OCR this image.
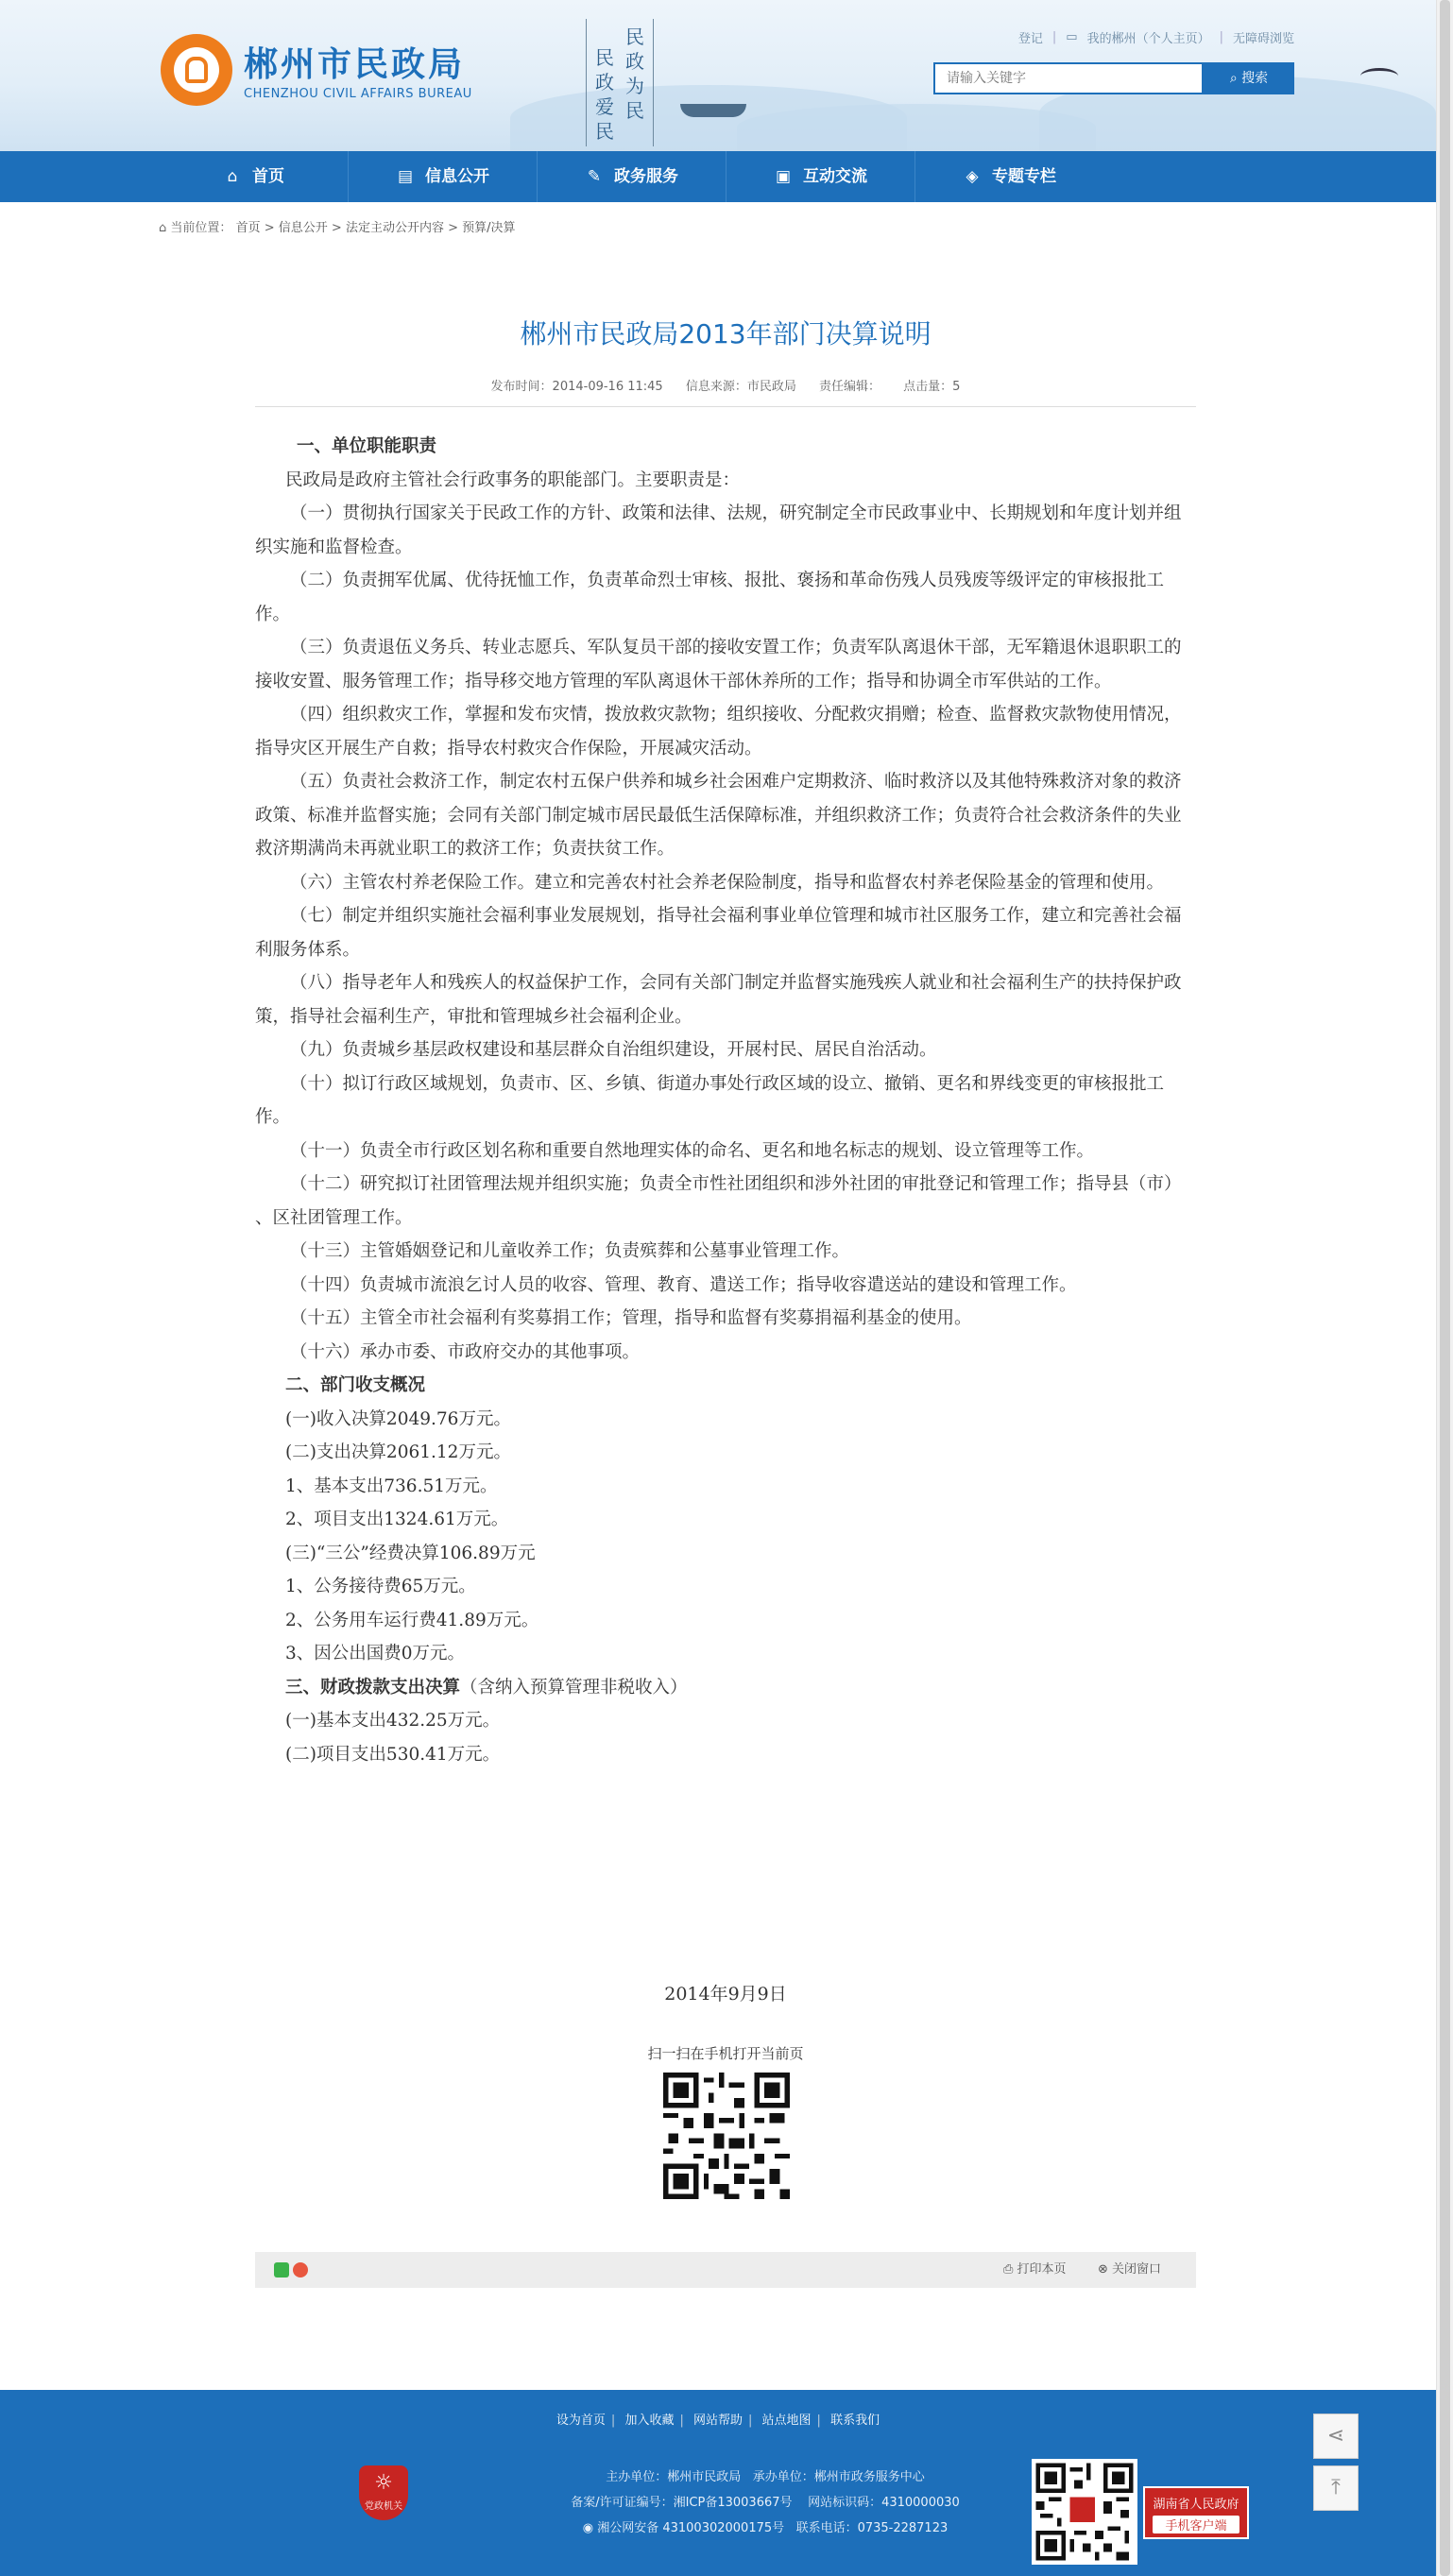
郴州市民政局
CHENZHOU CIVIL AFFAIRS BUREAU
民政为民
民政爱民
登记 | ▭ 我的郴州（个人主页） | 无障碍浏览
请输入关键字
⌕ 搜索
⌂ 首页	▤ 信息公开	✎ 政务服务	▣ 互动交流	◈ 专题专栏
⌂ 当前位置： 首页 > 信息公开 > 法定主动公开内容 > 预算/决算
郴州市民政局2013年部门决算说明
发布时间：2014-09-16 11:45 信息来源：市民政局 责任编辑： 点击量：5

一、单位职能职责

民政局是政府主管社会行政事务的职能部门。主要职责是：

（一）贯彻执行国家关于民政工作的方针、政策和法律、法规，研究制定全市民政事业中、长期规划和年度计划并组织实施和监督检查。

（二）负责拥军优属、优待抚恤工作，负责革命烈士审核、报批、褒扬和革命伤残人员残废等级评定的审核报批工作。

（三）负责退伍义务兵、转业志愿兵、军队复员干部的接收安置工作；负责军队离退休干部，无军籍退休退职职工的接收安置、服务管理工作；指导移交地方管理的军队离退休干部休养所的工作；指导和协调全市军供站的工作。

（四）组织救灾工作，掌握和发布灾情，拨放救灾款物；组织接收、分配救灾捐赠；检查、监督救灾款物使用情况，指导灾区开展生产自救；指导农村救灾合作保险，开展减灾活动。

（五）负责社会救济工作，制定农村五保户供养和城乡社会困难户定期救济、临时救济以及其他特殊救济对象的救济政策、标准并监督实施；会同有关部门制定城市居民最低生活保障标准，并组织救济工作；负责符合社会救济条件的失业救济期满尚未再就业职工的救济工作；负责扶贫工作。

（六）主管农村养老保险工作。建立和完善农村社会养老保险制度，指导和监督农村养老保险基金的管理和使用。

（七）制定并组织实施社会福利事业发展规划，指导社会福利事业单位管理和城市社区服务工作，建立和完善社会福利服务体系。

（八）指导老年人和残疾人的权益保护工作，会同有关部门制定并监督实施残疾人就业和社会福利生产的扶持保护政策，指导社会福利生产，审批和管理城乡社会福利企业。

（九）负责城乡基层政权建设和基层群众自治组织建设，开展村民、居民自治活动。

（十）拟订行政区域规划，负责市、区、乡镇、街道办事处行政区域的设立、撤销、更名和界线变更的审核报批工作。

（十一）负责全市行政区划名称和重要自然地理实体的命名、更名和地名标志的规划、设立管理等工作。

（十二）研究拟订社团管理法规并组织实施；负责全市性社团组织和涉外社团的审批登记和管理工作；指导县（市）

、区社团管理工作。

（十三）主管婚姻登记和儿童收养工作；负责殡葬和公墓事业管理工作。

（十四）负责城市流浪乞讨人员的收容、管理、教育、遣送工作；指导收容遣送站的建设和管理工作。

（十五）主管全市社会福利有奖募捐工作；管理，指导和监督有奖募捐福利基金的使用。

（十六）承办市委、市政府交办的其他事项。

二、部门收支概况

(一)收入决算2049.76万元。

(二)支出决算2061.12万元。

1、基本支出736.51万元。

2、项目支出1324.61万元。

(三)“三公”经费决算106.89万元

1、公务接待费65万元。

2、公务用车运行费41.89万元。

3、因公出国费0万元。

三、财政拨款支出决算（含纳入预算管理非税收入）

(一)基本支出432.25万元。

(二)项目支出530.41万元。

2014年9月9日
扫一扫在手机打开当前页
⎙ 打印本页	⊗ 关闭窗口
设为首页 | 加入收藏 | 网站帮助 | 站点地图 | 联系我们
☼
党政机关
主办单位：郴州市民政局 承办单位：郴州市政务服务中心
备案/许可证编号：湘ICP备13003667号 网站标识码：4310000030
◉ 湘公网安备 43100302000175号 联系电话：0735-2287123
湖南省人民政府
手机客户端
⋖
⤒
